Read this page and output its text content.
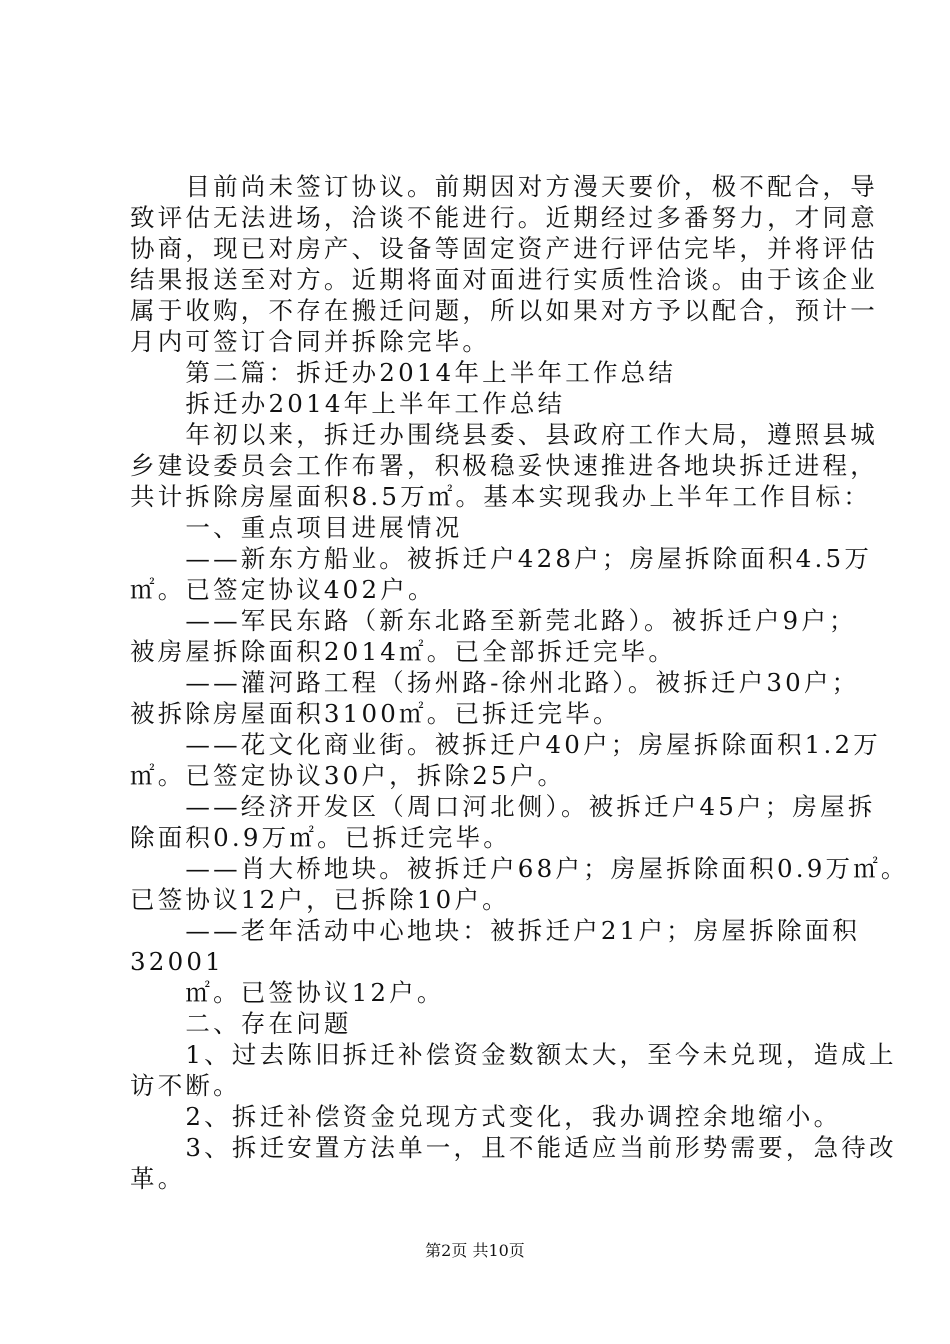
　　目前尚未签订协议。前期因对方漫天要价，极不配合，导
致评估无法进场，洽谈不能进行。近期经过多番努力，才同意
协商，现已对房产、设备等固定资产进行评估完毕，并将评估
结果报送至对方。近期将面对面进行实质性洽谈。由于该企业
属于收购，不存在搬迁问题，所以如果对方予以配合，预计一
月内可签订合同并拆除完毕。
　　第二篇：拆迁办2014年上半年工作总结
　　拆迁办2014年上半年工作总结
　　年初以来，拆迁办围绕县委、县政府工作大局，遵照县城
乡建设委员会工作布署，积极稳妥快速推进各地块拆迁进程，
共计拆除房屋面积8.5万㎡。基本实现我办上半年工作目标：
　　一、重点项目进展情况
　　——新东方船业。被拆迁户428户；房屋拆除面积4.5万
㎡。已签定协议402户。
　　——军民东路（新东北路至新莞北路）。被拆迁户9户；
被房屋拆除面积2014㎡。已全部拆迁完毕。
　　——灌河路工程（扬州路-徐州北路）。被拆迁户30户；
被拆除房屋面积3100㎡。已拆迁完毕。
　　——花文化商业街。被拆迁户40户；房屋拆除面积1.2万
㎡。已签定协议30户，拆除25户。
　　——经济开发区（周口河北侧）。被拆迁户45户；房屋拆
除面积0.9万㎡。已拆迁完毕。
　　——肖大桥地块。被拆迁户68户；房屋拆除面积0.9万㎡。
已签协议12户，已拆除10户。
　　——老年活动中心地块：被拆迁户21户；房屋拆除面积
32001
　　㎡。已签协议12户。
　　二、存在问题
　　1、过去陈旧拆迁补偿资金数额太大，至今未兑现，造成上
访不断。
　　2、拆迁补偿资金兑现方式变化，我办调控余地缩小。
　　3、拆迁安置方法单一，且不能适应当前形势需要，急待改
革。
第2页 共10页
